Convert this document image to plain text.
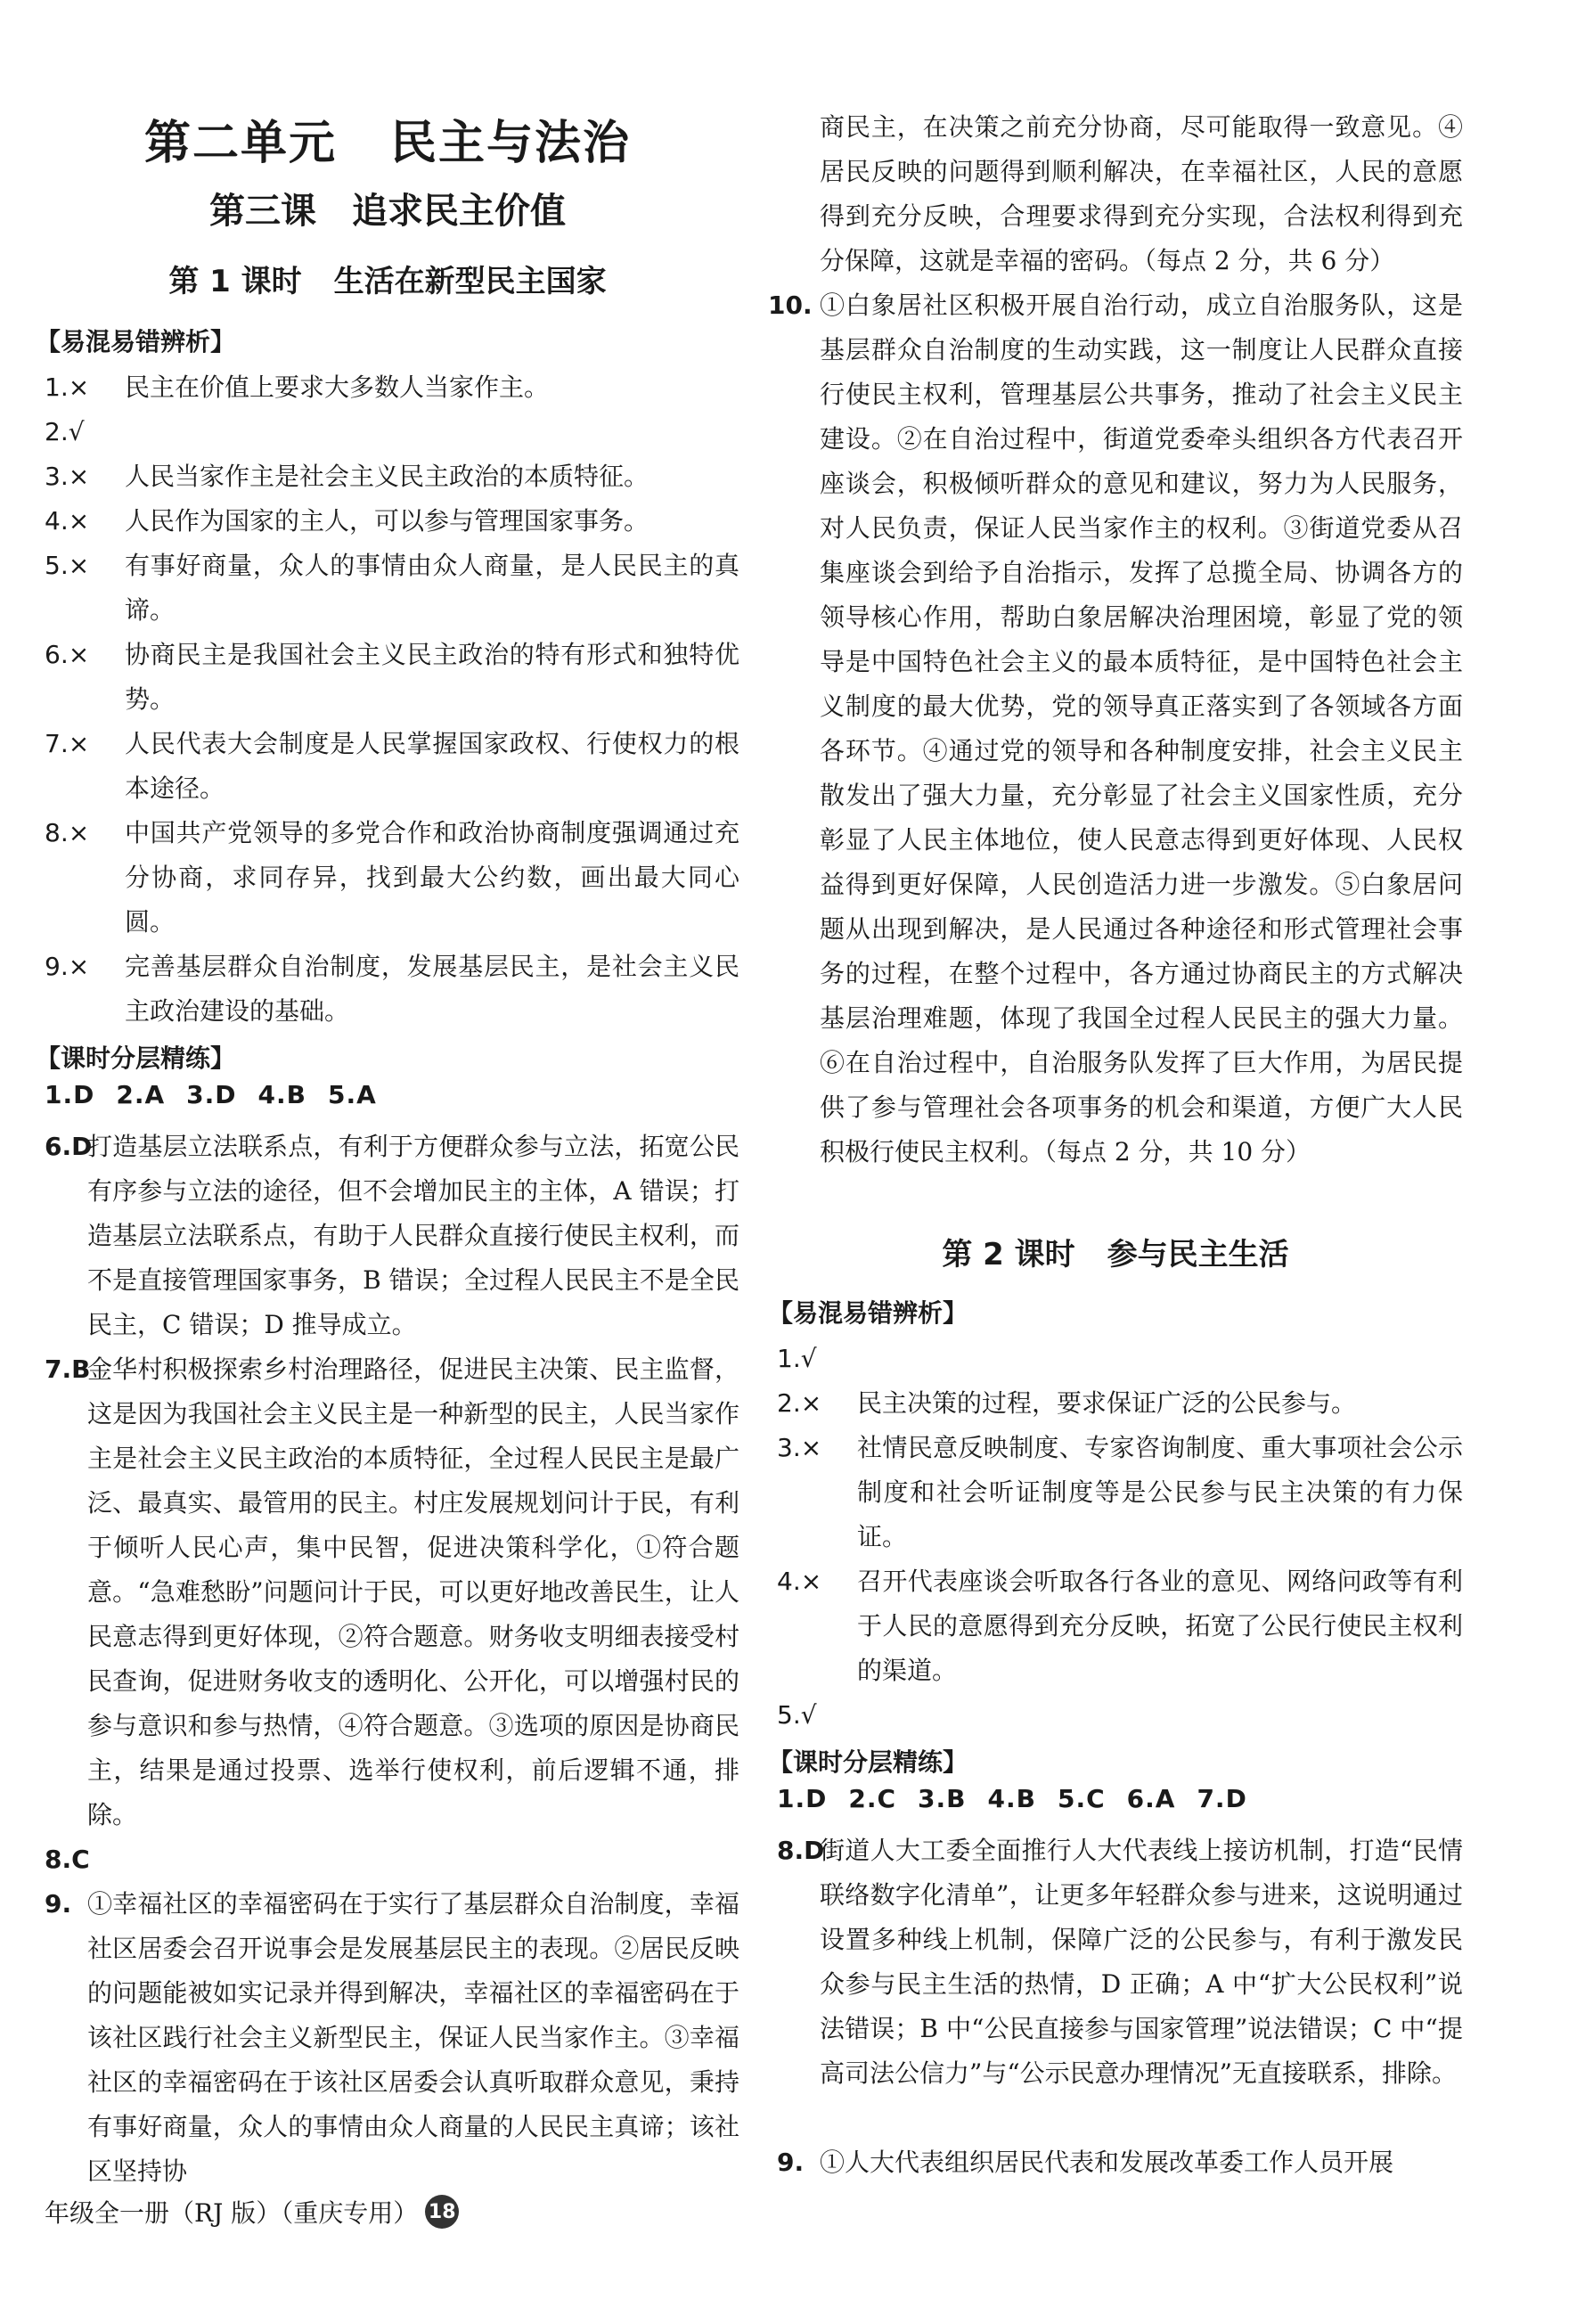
第二单元 民主与法治
第三课 追求民主价值
第 1 课时 生活在新型民主国家
【易混易错辨析】
1.× 民主在价值上要求大多数人当家作主。
2.√
3.× 人民当家作主是社会主义民主政治的本质特征。
4.× 人民作为国家的主人，可以参与管理国家事务。
5.× 有事好商量，众人的事情由众人商量，是人民民主的真谛。
6.× 协商民主是我国社会主义民主政治的特有形式和独特优势。
7.× 人民代表大会制度是人民掌握国家政权、行使权力的根本途径。
8.× 中国共产党领导的多党合作和政治协商制度强调通过充分协商，求同存异，找到最大公约数，画出最大同心圆。
9.× 完善基层群众自治制度，发展基层民主，是社会主义民主政治建设的基础。
【课时分层精练】
1.D 2.A 3.D 4.B 5.A
6.D
打造基层立法联系点，有利于方便群众参与立法，拓宽公民有序参与立法的途径，但不会增加民主的主体，A 错误；打造基层立法联系点，有助于人民群众直接行使民主权利，而不是直接管理国家事务，B 错误；全过程人民民主不是全民民主，C 错误；D 推导成立。
7.B
金华村积极探索乡村治理路径，促进民主决策、民主监督，这是因为我国社会主义民主是一种新型的民主，人民当家作主是社会主义民主政治的本质特征，全过程人民民主是最广泛、最真实、最管用的民主。村庄发展规划问计于民，有利于倾听人民心声，集中民智，促进决策科学化，①符合题意。“急难愁盼”问题问计于民，可以更好地改善民生，让人民意志得到更好体现，②符合题意。财务收支明细表接受村民查询，促进财务收支的透明化、公开化，可以增强村民的参与意识和参与热情，④符合题意。③选项的原因是协商民主，结果是通过投票、选举行使权利，前后逻辑不通，排除。
8.C
9. ①幸福社区的幸福密码在于实行了基层群众自治制度，幸福社区居委会召开说事会是发展基层民主的表现。②居民反映的问题能被如实记录并得到解决，幸福社区的幸福密码在于该社区践行社会主义新型民主，保证人民当家作主。③幸福社区的幸福密码在于该社区居委会认真听取群众意见，秉持有事好商量，众人的事情由众人商量的人民民主真谛；该社区坚持协
年级全一册（RJ 版）（重庆专用） 18
商民主，在决策之前充分协商，尽可能取得一致意见。④居民反映的问题得到顺利解决，在幸福社区，人民的意愿得到充分反映，合理要求得到充分实现，合法权利得到充分保障，这就是幸福的密码。（每点 2 分，共 6 分）
10. ①白象居社区积极开展自治行动，成立自治服务队，这是基层群众自治制度的生动实践，这一制度让人民群众直接行使民主权利，管理基层公共事务，推动了社会主义民主建设。②在自治过程中，街道党委牵头组织各方代表召开座谈会，积极倾听群众的意见和建议，努力为人民服务，对人民负责，保证人民当家作主的权利。③街道党委从召集座谈会到给予自治指示，发挥了总揽全局、协调各方的领导核心作用，帮助白象居解决治理困境，彰显了党的领导是中国特色社会主义的最本质特征，是中国特色社会主义制度的最大优势，党的领导真正落实到了各领域各方面各环节。④通过党的领导和各种制度安排，社会主义民主散发出了强大力量，充分彰显了社会主义国家性质，充分彰显了人民主体地位，使人民意志得到更好体现、人民权益得到更好保障，人民创造活力进一步激发。⑤白象居问题从出现到解决，是人民通过各种途径和形式管理社会事务的过程，在整个过程中，各方通过协商民主的方式解决基层治理难题，体现了我国全过程人民民主的强大力量。⑥在自治过程中，自治服务队发挥了巨大作用，为居民提供了参与管理社会各项事务的机会和渠道，方便广大人民积极行使民主权利。（每点 2 分，共 10 分）
第 2 课时 参与民主生活
【易混易错辨析】
1.√
2.× 民主决策的过程，要求保证广泛的公民参与。
3.× 社情民意反映制度、专家咨询制度、重大事项社会公示制度和社会听证制度等是公民参与民主决策的有力保证。
4.× 召开代表座谈会听取各行各业的意见、网络问政等有利于人民的意愿得到充分反映，拓宽了公民行使民主权利的渠道。
5.√
【课时分层精练】
1.D 2.C 3.B 4.B 5.C 6.A 7.D
8.D
街道人大工委全面推行人大代表线上接访机制，打造“民情联络数字化清单”，让更多年轻群众参与进来，这说明通过设置多种线上机制，保障广泛的公民参与，有利于激发民众参与民主生活的热情，D 正确；A 中“扩大公民权利”说法错误；B 中“公民直接参与国家管理”说法错误；C 中“提高司法公信力”与“公示民意办理情况”无直接联系，排除。
9. ①人大代表组织居民代表和发展改革委工作人员开展
